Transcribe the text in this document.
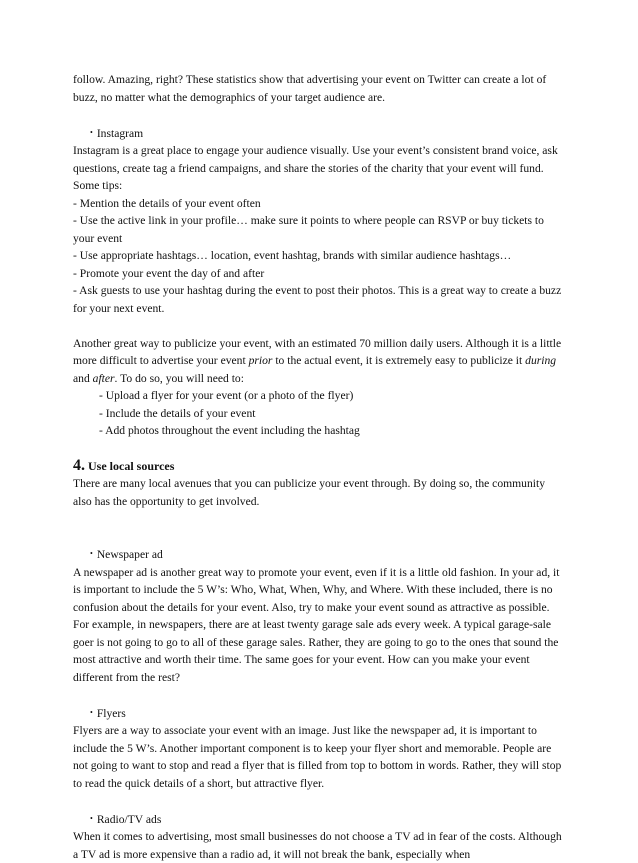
follow. Amazing, right? These statistics show that advertising your event on Twitter can create a lot of buzz, no matter what the demographics of your target audience are.

• Instagram

Instagram is a great place to engage your audience visually. Use your event’s consistent brand voice, ask questions, create tag a friend campaigns, and share the stories of the charity that your event will fund. Some tips:

- Mention the details of your event often

- Use the active link in your profile… make sure it points to where people can RSVP or buy tickets to your event

- Use appropriate hashtags… location, event hashtag, brands with similar audience hashtags…

- Promote your event the day of and after

- Ask guests to use your hashtag during the event to post their photos. This is a great way to create a buzz for your next event.

Another great way to publicize your event, with an estimated 70 million daily users. Although it is a little more difficult to advertise your event prior to the actual event, it is extremely easy to publicize it during and after. To do so, you will need to:

- Upload a flyer for your event (or a photo of the flyer)

- Include the details of your event

- Add photos throughout the event including the hashtag

4. Use local sources

There are many local avenues that you can publicize your event through. By doing so, the community also has the opportunity to get involved.

• Newspaper ad

A newspaper ad is another great way to promote your event, even if it is a little old fashion. In your ad, it is important to include the 5 W’s: Who, What, When, Why, and Where. With these included, there is no confusion about the details for your event. Also, try to make your event sound as attractive as possible. For example, in newspapers, there are at least twenty garage sale ads every week. A typical garage-sale goer is not going to go to all of these garage sales. Rather, they are going to go to the ones that sound the most attractive and worth their time. The same goes for your event. How can you make your event different from the rest?

• Flyers

Flyers are a way to associate your event with an image. Just like the newspaper ad, it is important to include the 5 W’s. Another important component is to keep your flyer short and memorable. People are not going to want to stop and read a flyer that is filled from top to bottom in words. Rather, they will stop to read the quick details of a short, but attractive flyer.

• Radio/TV ads

When it comes to advertising, most small businesses do not choose a TV ad in fear of the costs. Although a TV ad is more expensive than a radio ad, it will not break the bank, especially when
